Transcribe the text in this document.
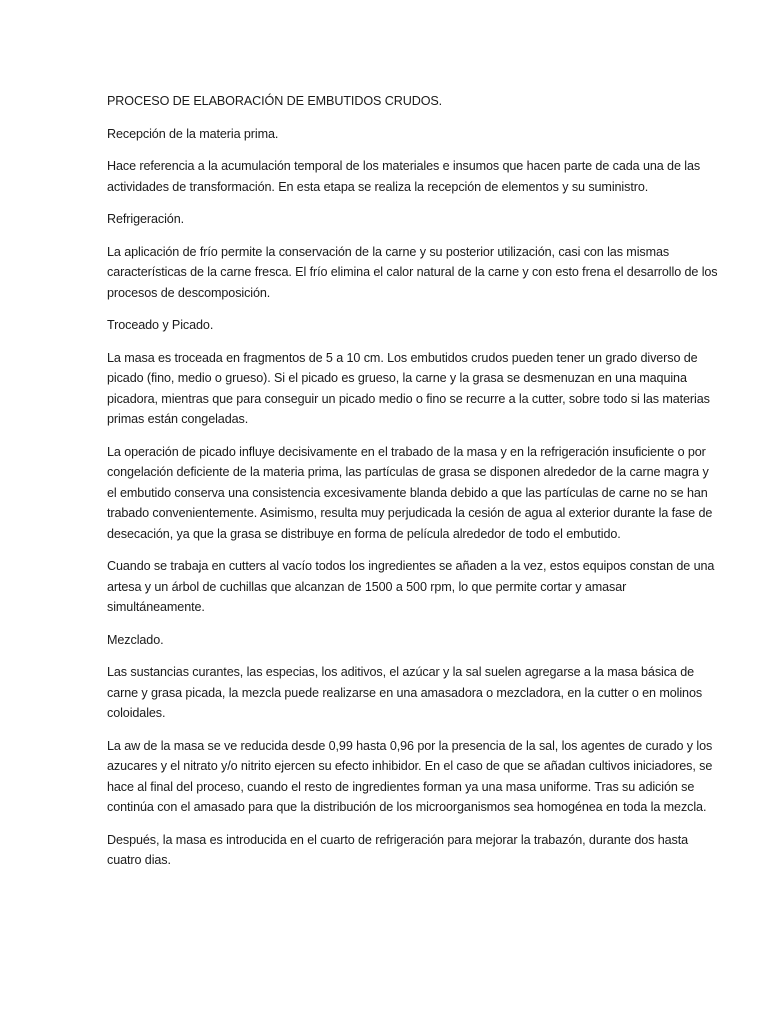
PROCESO DE ELABORACIÓN DE EMBUTIDOS CRUDOS.

Recepción de la materia prima.

Hace referencia a la acumulación temporal de los materiales e insumos que hacen parte de cada una de las actividades de transformación. En esta etapa se realiza la recepción de elementos y su suministro.

Refrigeración.

La aplicación de frío permite la conservación de la carne y su posterior utilización, casi con las mismas características de la carne fresca. El frío elimina el calor natural de la carne y con esto frena el desarrollo de los procesos de descomposición.

Troceado y Picado.

La masa es troceada en fragmentos de 5 a 10 cm. Los embutidos crudos pueden tener un grado diverso de picado (fino, medio o grueso). Si el picado es grueso, la carne y la grasa se desmenuzan en una maquina picadora, mientras que para conseguir un picado medio o fino se recurre a la cutter, sobre todo si las materias primas están congeladas.

La operación de picado influye decisivamente en el trabado de la masa y en la refrigeración insuficiente o por congelación deficiente de la materia prima, las partículas de grasa se disponen alrededor de la carne magra y el embutido conserva una consistencia excesivamente blanda debido a que las partículas de carne no se han trabado convenientemente. Asimismo, resulta muy perjudicada la cesión de agua al exterior durante la fase de desecación, ya que la grasa se distribuye en forma de película alrededor de todo el embutido.

Cuando se trabaja en cutters al vacío todos los ingredientes se añaden a la vez, estos equipos constan de una artesa y un árbol de cuchillas que alcanzan de 1500 a 500 rpm, lo que permite cortar y amasar simultáneamente.

Mezclado.

Las sustancias curantes, las especias, los aditivos, el azúcar y la sal suelen agregarse a la masa básica de carne y grasa picada, la mezcla puede realizarse en una amasadora o mezcladora, en la cutter o en molinos coloidales.

La aw de la masa se ve reducida desde 0,99 hasta 0,96 por la presencia de la sal, los agentes de curado y los azucares y el nitrato y/o nitrito ejercen su efecto inhibidor. En el caso de que se añadan cultivos iniciadores, se hace al final del proceso, cuando el resto de ingredientes forman ya una masa uniforme. Tras su adición se continúa con el amasado para que la distribución de los microorganismos sea homogénea en toda la mezcla.

Después, la masa es introducida en el cuarto de refrigeración para mejorar la trabazón, durante dos hasta cuatro dias.
